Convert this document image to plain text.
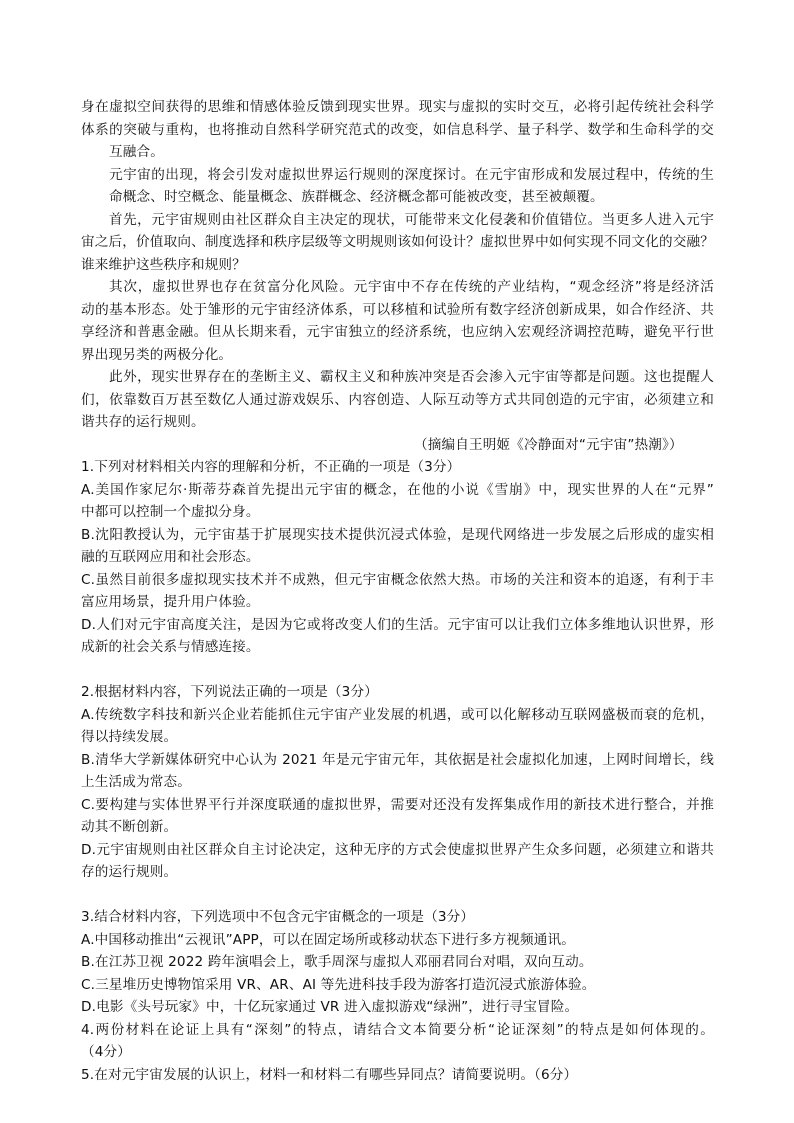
身在虚拟空间获得的思维和情感体验反馈到现实世界。现实与虚拟的实时交互，必将引起传统社会科学
体系的突破与重构，也将推动自然科学研究范式的改变，如信息科学、量子科学、数学和生命科学的交
互融合。
元宇宙的出现，将会引发对虚拟世界运行规则的深度探讨。在元宇宙形成和发展过程中，传统的生
命概念、时空概念、能量概念、族群概念、经济概念都可能被改变，甚至被颠覆。
首先，元宇宙规则由社区群众自主决定的现状，可能带来文化侵袭和价值错位。当更多人进入元宇
宙之后，价值取向、制度选择和秩序层级等文明规则该如何设计？虚拟世界中如何实现不同文化的交融？
谁来维护这些秩序和规则？
其次，虚拟世界也存在贫富分化风险。元宇宙中不存在传统的产业结构，“观念经济”将是经济活
动的基本形态。处于雏形的元宇宙经济体系，可以移植和试验所有数字经济创新成果，如合作经济、共
享经济和普惠金融。但从长期来看，元宇宙独立的经济系统，也应纳入宏观经济调控范畴，避免平行世
界出现另类的两极分化。
此外，现实世界存在的垄断主义、霸权主义和种族冲突是否会渗入元宇宙等都是问题。这也提醒人
们，依靠数百万甚至数亿人通过游戏娱乐、内容创造、人际互动等方式共同创造的元宇宙，必须建立和
谐共存的运行规则。
（摘编自王明姬《冷静面对“元宇宙”热潮》）
1.下列对材料相关内容的理解和分析，不正确的一项是（3分）
A.美国作家尼尔·斯蒂芬森首先提出元宇宙的概念，在他的小说《雪崩》中，现实世界的人在“元界”
中都可以控制一个虚拟分身。
B.沈阳教授认为，元宇宙基于扩展现实技术提供沉浸式体验，是现代网络进一步发展之后形成的虚实相
融的互联网应用和社会形态。
C.虽然目前很多虚拟现实技术并不成熟，但元宇宙概念依然大热。市场的关注和资本的追逐，有利于丰
富应用场景，提升用户体验。
D.人们对元宇宙高度关注，是因为它或将改变人们的生活。元宇宙可以让我们立体多维地认识世界，形
成新的社会关系与情感连接。
2.根据材料内容，下列说法正确的一项是（3分）
A.传统数字科技和新兴企业若能抓住元宇宙产业发展的机遇，或可以化解移动互联网盛极而衰的危机，
得以持续发展。
B.清华大学新媒体研究中心认为 2021 年是元宇宙元年，其依据是社会虚拟化加速，上网时间增长，线
上生活成为常态。
C.要构建与实体世界平行并深度联通的虚拟世界，需要对还没有发挥集成作用的新技术进行整合，并推
动其不断创新。
D.元宇宙规则由社区群众自主讨论决定，这种无序的方式会使虚拟世界产生众多问题，必须建立和谐共
存的运行规则。
3.结合材料内容，下列选项中不包含元宇宙概念的一项是（3分）
A.中国移动推出“云视讯”APP，可以在固定场所或移动状态下进行多方视频通讯。
B.在江苏卫视 2022 跨年演唱会上，歌手周深与虚拟人邓丽君同台对唱，双向互动。
C.三星堆历史博物馆采用 VR、AR、AI 等先进科技手段为游客打造沉浸式旅游体验。
D.电影《头号玩家》中，十亿玩家通过 VR 进入虚拟游戏“绿洲”，进行寻宝冒险。
4.两份材料在论证上具有“深刻”的特点，请结合文本简要分析“论证深刻”的特点是如何体现的。
（4分）
5.在对元宇宙发展的认识上，材料一和材料二有哪些异同点？请简要说明。（6分）
